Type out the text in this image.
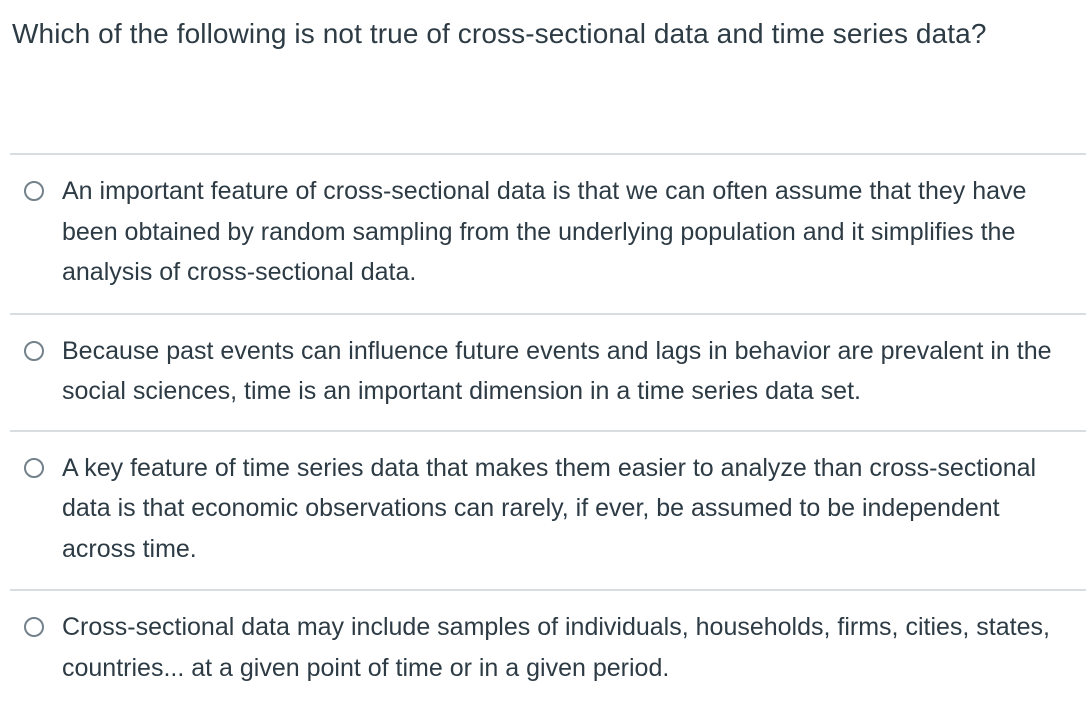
Which of the following is not true of cross-sectional data and time series data?
An important feature of cross-sectional data is that we can often assume that they have been obtained by random sampling from the underlying population and it simplifies the analysis of cross-sectional data.
Because past events can influence future events and lags in behavior are prevalent in the social sciences, time is an important dimension in a time series data set.
A key feature of time series data that makes them easier to analyze than cross-sectional data is that economic observations can rarely, if ever, be assumed to be independent across time.
Cross-sectional data may include samples of individuals, households, firms, cities, states, countries... at a given point of time or in a given period.
